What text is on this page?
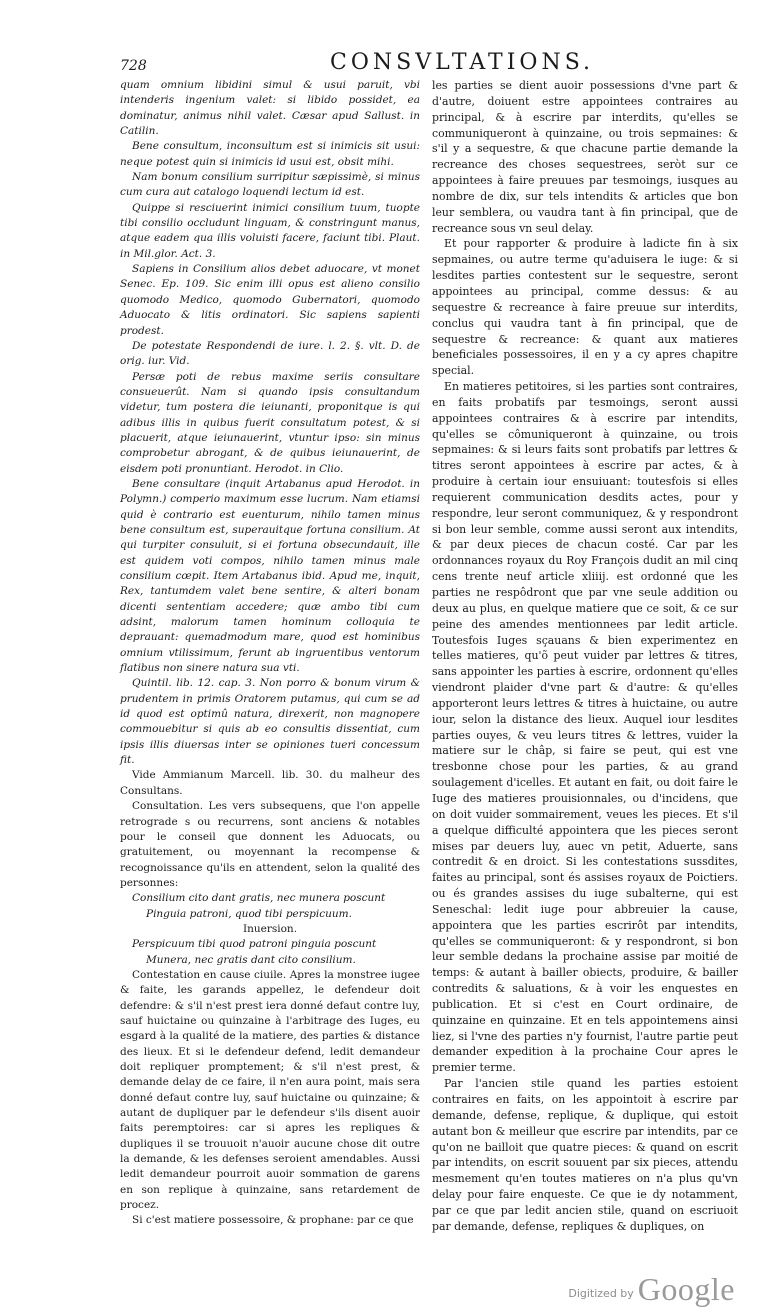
728	CONSVLTATIONS.

quam omnium libidini simul & usui paruit, vbi intenderis ingenium valet: si libido possidet, ea dominatur, animus nihil valet. Cæsar apud Sallust. in Catilin.

Bene consultum, inconsultum est si inimicis sit usui: neque potest quin si inimicis id usui est, obsit mihi.

Nam bonum consilium surripitur sæpissimè, si minus cum cura aut catalogo loquendi lectum id est.

Quippe si resciuerint inimici consilium tuum, tuopte tibi consilio occludunt linguam, & constringunt manus, atque eadem qua illis voluisti facere, faciunt tibi. Plaut. in Mil.glor. Act. 3.

Sapiens in Consilium alios debet aduocare, vt monet Senec. Ep. 109. Sic enim illi opus est alieno consilio quomodo Medico, quomodo Gubernatori, quomodo Aduocato & litis ordinatori. Sic sapiens sapienti prodest.

De potestate Respondendi de iure. l. 2. §. vlt. D. de orig. iur. Vid.

Persæ poti de rebus maxime seriis consultare consueuerût. Nam si quando ipsis consultandum videtur, tum postera die ieiunanti, proponitque is qui adibus illis in quibus fuerit consultatum potest, & si placuerit, atque ieiunauerint, vtuntur ipso: sin minus comprobetur abrogant, & de quibus ieiunauerint, de eisdem poti pronuntiant. Herodot. in Clio.

Bene consultare (inquit Artabanus apud Herodot. in Polymn.) comperio maximum esse lucrum. Nam etiamsi quid è contrario est euenturum, nihilo tamen minus bene consultum est, superauitque fortuna consilium. At qui turpiter consuluit, si ei fortuna obsecundauit, ille est quidem voti compos, nihilo tamen minus male consilium cœpit. Item Artabanus ibid. Apud me, inquit, Rex, tantumdem valet bene sentire, & alteri bonam dicenti sententiam accedere; quæ ambo tibi cum adsint, malorum tamen hominum colloquia te deprauant: quemadmodum mare, quod est hominibus omnium vtilissimum, ferunt ab ingruentibus ventorum flatibus non sinere natura sua vti.

Quintil. lib. 12. cap. 3. Non porro & bonum virum & prudentem in primis Oratorem putamus, qui cum se ad id quod est optimû natura, direxerit, non magnopere commouebitur si quis ab eo consultis dissentiat, cum ipsis illis diuersas inter se opiniones tueri concessum fit.

Vide Ammianum Marcell. lib. 30. du malheur des Consultans.

Consultation. Les vers subsequens, que l'on appelle retrograde s ou recurrens, sont anciens & notables pour le conseil que donnent les Aduocats, ou gratuitement, ou moyennant la recompense & recognoissance qu'ils en attendent, selon la qualité des personnes:

Consilium cito dant gratis, nec munera poscunt

Pinguia patroni, quod tibi perspicuum.

Inuersion.

Perspicuum tibi quod patroni pinguia poscunt

Munera, nec gratis dant cito consilium.

Contestation en cause ciuile. Apres la monstree iugee & faite, les garands appellez, le defendeur doit defendre: & s'il n'est prest iera donné defaut contre luy, sauf huictaine ou quinzaine à l'arbitrage des Iuges, eu esgard à la qualité de la matiere, des parties & distance des lieux. Et si le defendeur defend, ledit demandeur doit repliquer promptement; & s'il n'est prest, & demande delay de ce faire, il n'en aura point, mais sera donné defaut contre luy, sauf huictaine ou quinzaine; & autant de dupliquer par le defendeur s'ils disent auoir faits peremptoires: car si apres les repliques & dupliques il se trouuoit n'auoir aucune chose dit outre la demande, & les defenses seroient amendables. Aussi ledit demandeur pourroit auoir sommation de garens en son replique à quinzaine, sans retardement de procez.

Si c'est matiere possessoire, & prophane: par ce que

les parties se dient auoir possessions d'vne part & d'autre, doiuent estre appointees contraires au principal, & à escrire par interdits, qu'elles se communiqueront à quinzaine, ou trois sepmaines: & s'il y a sequestre, & que chacune partie demande la recreance des choses sequestrees, seròt sur ce appointees à faire preuues par tesmoings, iusques au nombre de dix, sur tels intendits & articles que bon leur semblera, ou vaudra tant à fin principal, que de recreance sous vn seul delay.

Et pour rapporter & produire à ladicte fin à six sepmaines, ou autre terme qu'aduisera le iuge: & si lesdites parties contestent sur le sequestre, seront appointees au principal, comme dessus: & au sequestre & recreance à faire preuue sur interdits, conclus qui vaudra tant à fin principal, que de sequestre & recreance: & quant aux matieres beneficiales possessoires, il en y a cy apres chapitre special.

En matieres petitoires, si les parties sont contraires, en faits probatifs par tesmoings, seront aussi appointees contraires & à escrire par intendits, qu'elles se cômuniqueront à quinzaine, ou trois sepmaines: & si leurs faits sont probatifs par lettres & titres seront appointees à escrire par actes, & à produire à certain iour ensuiuant: toutesfois si elles requierent communication desdits actes, pour y respondre, leur seront communiquez, & y respondront si bon leur semble, comme aussi seront aux intendits, & par deux pieces de chacun costé. Car par les ordonnances royaux du Roy François dudit an mil cinq cens trente neuf article xliiij. est ordonné que les parties ne respôdront que par vne seule addition ou deux au plus, en quelque matiere que ce soit, & ce sur peine des amendes mentionnees par ledit article. Toutesfois Iuges sçauans & bien experimentez en telles matieres, qu'õ peut vuider par lettres & titres, sans appointer les parties à escrire, ordonnent qu'elles viendront plaider d'vne part & d'autre: & qu'elles apporteront leurs lettres & titres à huictaine, ou autre iour, selon la distance des lieux. Auquel iour lesdites parties ouyes, & veu leurs titres & lettres, vuider la matiere sur le châp, si faire se peut, qui est vne tresbonne chose pour les parties, & au grand soulagement d'icelles. Et autant en fait, ou doit faire le Iuge des matieres prouisionnales, ou d'incidens, que on doit vuider sommairement, veues les pieces. Et s'il a quelque difficulté appointera que les pieces seront mises par deuers luy, auec vn petit, Aduerte, sans contredit & en droict. Si les contestations sussdites, faites au principal, sont és assises royaux de Poictiers. ou és grandes assises du iuge subalterne, qui est Seneschal: ledit iuge pour abbreuier la cause, appointera que les parties escrirôt par intendits, qu'elles se communiqueront: & y respondront, si bon leur semble dedans la prochaine assise par moitié de temps: & autant à bailler obiects, produire, & bailler contredits & saluations, & à voir les enquestes en publication. Et si c'est en Court ordinaire, de quinzaine en quinzaine. Et en tels appointemens ainsi liez, si l'vne des parties n'y fournist, l'autre partie peut demander expedition à la prochaine Cour apres le premier terme.

Par l'ancien stile quand les parties estoient contraires en faits, on les appointoit à escrire par demande, defense, replique, & duplique, qui estoit autant bon & meilleur que escrire par intendits, par ce qu'on ne bailloit que quatre pieces: & quand on escrit par intendits, on escrit souuent par six pieces, attendu mesmement qu'en toutes matieres on n'a plus qu'vn delay pour faire enqueste. Ce que ie dy notamment, par ce que par ledit ancien stile, quand on escriuoit par demande, defense, repliques & dupliques, on

Digitized by Google
